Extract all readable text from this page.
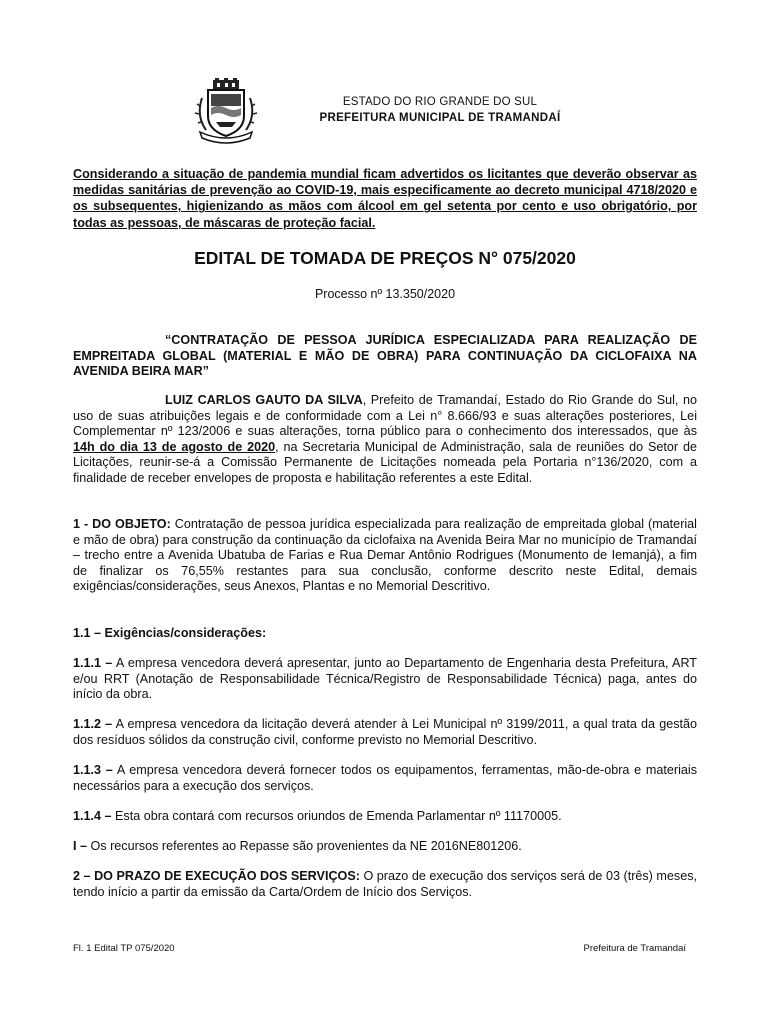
ESTADO DO RIO GRANDE DO SUL
PREFEITURA MUNICIPAL DE TRAMANDAÍ
Considerando a situação de pandemia mundial ficam advertidos os licitantes que deverão observar as medidas sanitárias de prevenção ao COVID-19, mais especificamente ao decreto municipal 4718/2020 e os subsequentes, higienizando as mãos com álcool em gel setenta por cento e uso obrigatório, por todas as pessoas, de máscaras de proteção facial.
EDITAL DE TOMADA DE PREÇOS N° 075/2020
Processo nº 13.350/2020
“CONTRATAÇÃO DE PESSOA JURÍDICA ESPECIALIZADA PARA REALIZAÇÃO DE EMPREITADA GLOBAL (MATERIAL E MÃO DE OBRA) PARA CONTINUAÇÃO DA CICLOFAIXA NA AVENIDA BEIRA MAR”

LUIZ CARLOS GAUTO DA SILVA, Prefeito de Tramandaí, Estado do Rio Grande do Sul, no uso de suas atribuições legais e de conformidade com a Lei n° 8.666/93 e suas alterações posteriores, Lei Complementar nº 123/2006 e suas alterações, torna público para o conhecimento dos interessados, que às 14h do dia 13 de agosto de 2020, na Secretaria Municipal de Administração, sala de reuniões do Setor de Licitações, reunir-se-á a Comissão Permanente de Licitações nomeada pela Portaria n°136/2020, com a finalidade de receber envelopes de proposta e habilitação referentes a este Edital.

1 - DO OBJETO: Contratação de pessoa jurídica especializada para realização de empreitada global (material e mão de obra) para construção da continuação da ciclofaixa na Avenida Beira Mar no município de Tramandaí – trecho entre a Avenida Ubatuba de Farias e Rua Demar Antônio Rodrigues (Monumento de Iemanjá), a fim de finalizar os 76,55% restantes para sua conclusão, conforme descrito neste Edital, demais exigências/considerações, seus Anexos, Plantas e no Memorial Descritivo.

1.1 – Exigências/considerações:

1.1.1 – A empresa vencedora deverá apresentar, junto ao Departamento de Engenharia desta Prefeitura, ART e/ou RRT (Anotação de Responsabilidade Técnica/Registro de Responsabilidade Técnica) paga, antes do início da obra.

1.1.2 – A empresa vencedora da licitação deverá atender à Lei Municipal nº 3199/2011, a qual trata da gestão dos resíduos sólidos da construção civil, conforme previsto no Memorial Descritivo.

1.1.3 – A empresa vencedora deverá fornecer todos os equipamentos, ferramentas, mão-de-obra e materiais necessários para a execução dos serviços.

1.1.4 – Esta obra contará com recursos oriundos de Emenda Parlamentar nº 11170005.

I – Os recursos referentes ao Repasse são provenientes da NE 2016NE801206.

2 – DO PRAZO DE EXECUÇÃO DOS SERVIÇOS: O prazo de execução dos serviços será de 03 (três) meses, tendo início a partir da emissão da Carta/Ordem de Início dos Serviços.

Fl. 1 Edital TP 075/2020	Prefeitura de Tramandaí
